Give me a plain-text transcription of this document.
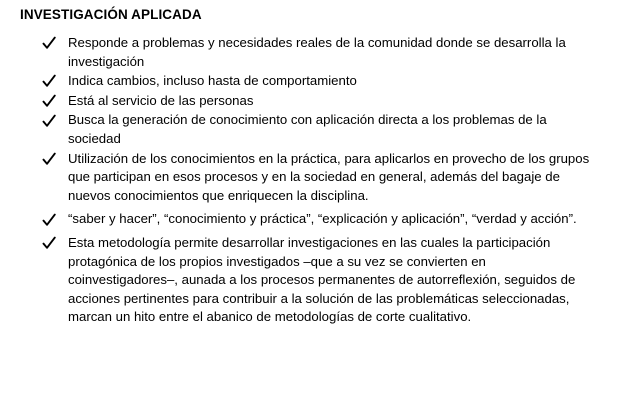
INVESTIGACIÓN APLICADA
Responde a problemas y necesidades reales de la comunidad donde se desarrolla la investigación
Indica cambios, incluso hasta de comportamiento
Está al servicio de las personas
Busca la generación de conocimiento con aplicación directa a los problemas de la sociedad
Utilización de los conocimientos en la práctica, para aplicarlos en provecho de los grupos que participan en esos procesos y en la sociedad en general, además del bagaje de nuevos conocimientos que enriquecen la disciplina.
“saber y hacer”, “conocimiento y práctica”, “explicación y aplicación”, “verdad y acción”.
Esta metodología permite desarrollar investigaciones en las cuales la participación protagónica de los propios investigados –que a su vez se convierten en coinvestigadores–, aunada a los procesos permanentes de autorreflexión, seguidos de acciones pertinentes para contribuir a la solución de las problemáticas seleccionadas, marcan un hito entre el abanico de metodologías de corte cualitativo.
